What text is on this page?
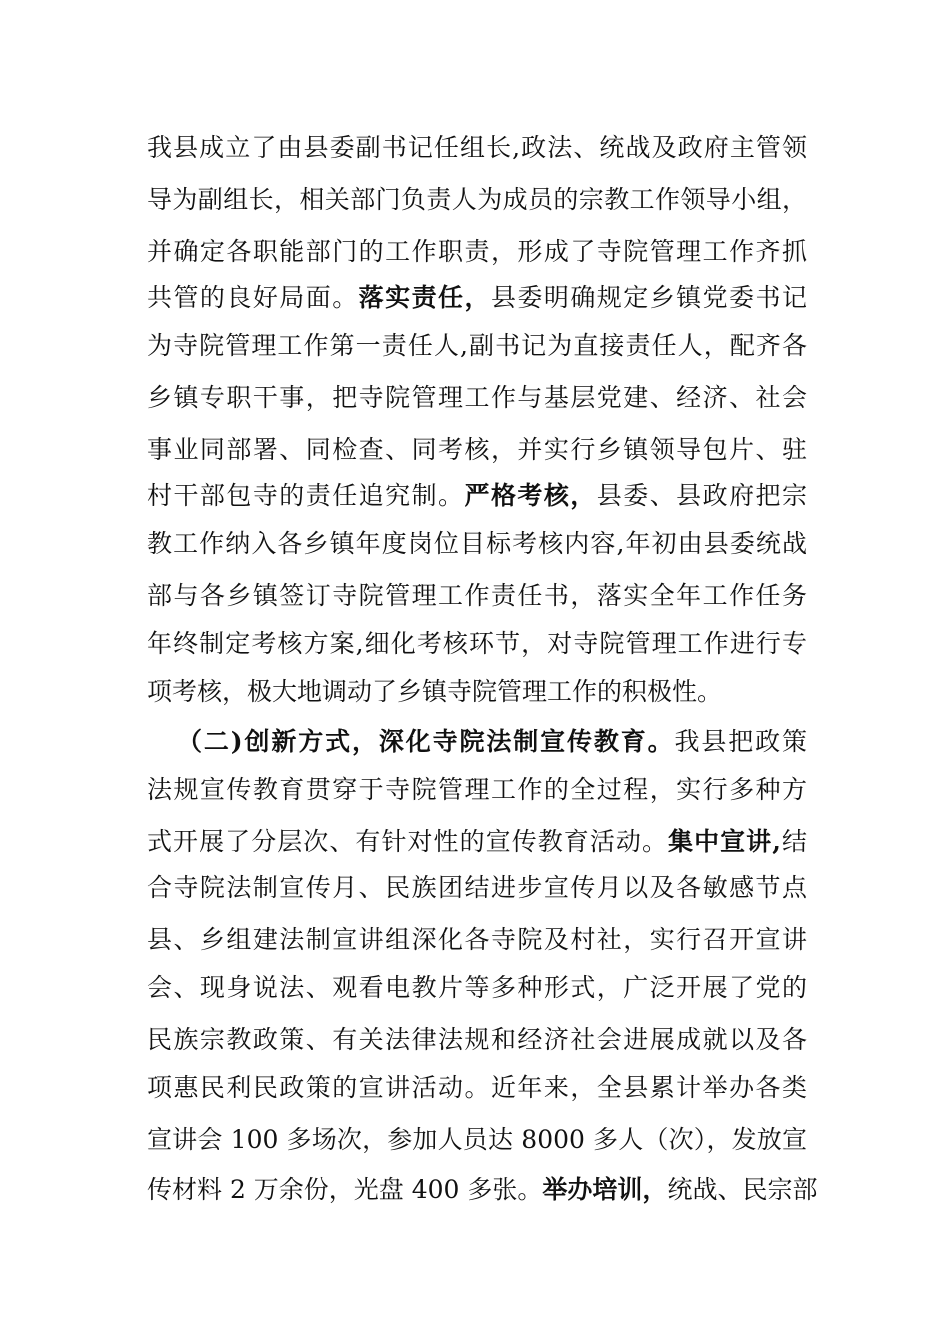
我县成立了由县委副书记任组长,政法、统战及政府主管领
导为副组长，相关部门负责人为成员的宗教工作领导小组，
并确定各职能部门的工作职责，形成了寺院管理工作齐抓
共管的良好局面。落实责任，县委明确规定乡镇党委书记
为寺院管理工作第一责任人,副书记为直接责任人，配齐各
乡镇专职干事，把寺院管理工作与基层党建、经济、社会
事业同部署、同检查、同考核，并实行乡镇领导包片、驻
村干部包寺的责任追究制。严格考核，县委、县政府把宗
教工作纳入各乡镇年度岗位目标考核内容,年初由县委统战
部与各乡镇签订寺院管理工作责任书，落实全年工作任务
年终制定考核方案,细化考核环节，对寺院管理工作进行专
项考核，极大地调动了乡镇寺院管理工作的积极性。
（二)创新方式，深化寺院法制宣传教育。我县把政策
法规宣传教育贯穿于寺院管理工作的全过程，实行多种方
式开展了分层次、有针对性的宣传教育活动。集中宣讲,结
合寺院法制宣传月、民族团结进步宣传月以及各敏感节点
县、乡组建法制宣讲组深化各寺院及村社，实行召开宣讲
会、现身说法、观看电教片等多种形式，广泛开展了党的
民族宗教政策、有关法律法规和经济社会进展成就以及各
项惠民利民政策的宣讲活动。近年来，全县累计举办各类
宣讲会 100 多场次，参加人员达 8000 多人（次），发放宣
传材料 2 万余份，光盘 400 多张。举办培训，统战、民宗部
